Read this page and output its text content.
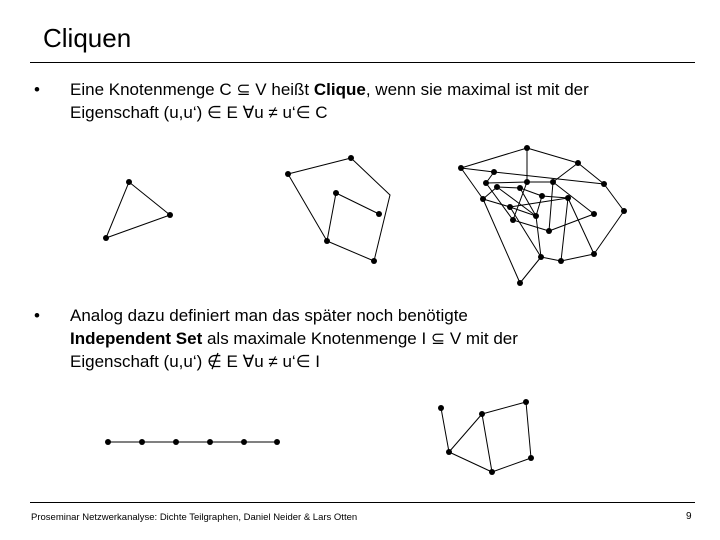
Cliquen
• Eine Knotenmenge C ⊆ V heißt Clique, wenn sie maximal ist mit der
Eigenschaft (u,u‘) ∈ E ∀u ≠ u‘∈ C
• Analog dazu definiert man das später noch benötigte
Independent Set als maximale Knotenmenge I ⊆ V mit der
Eigenschaft (u,u‘) ∉ E ∀u ≠ u‘∈ I
Proseminar Netzwerkanalyse: Dichte Teilgraphen, Daniel Neider & Lars Otten	9
